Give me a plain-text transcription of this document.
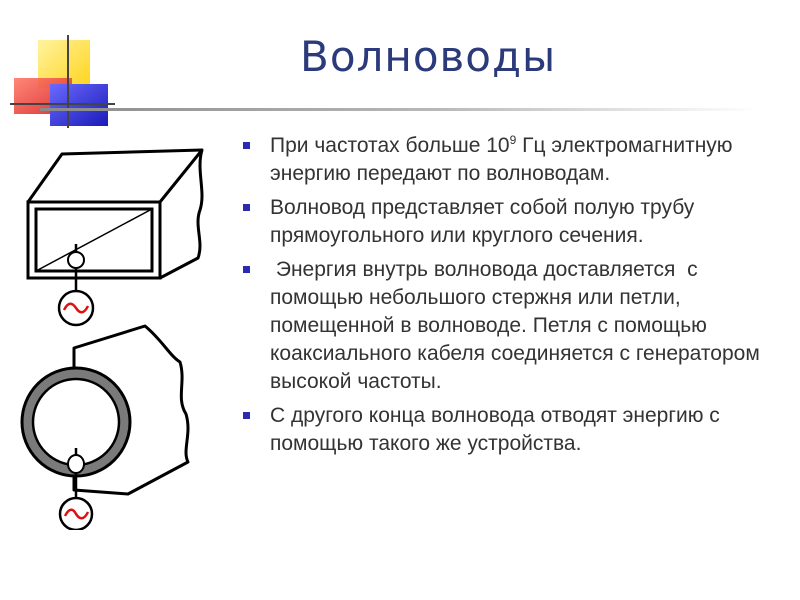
Волноводы
При частотах больше $10^9$ Гц электромагнитную энергию передают по волноводам.
Волновод представляет собой полую трубу прямоугольного или круглого сечения.
Энергия внутрь волновода доставляется  с помощью небольшого стержня или петли, помещенной в волноводе. Петля с помощью коаксиального кабеля соединяется с генератором высокой частоты.
С другого конца волновода отводят энергию с помощью такого же устройства.
